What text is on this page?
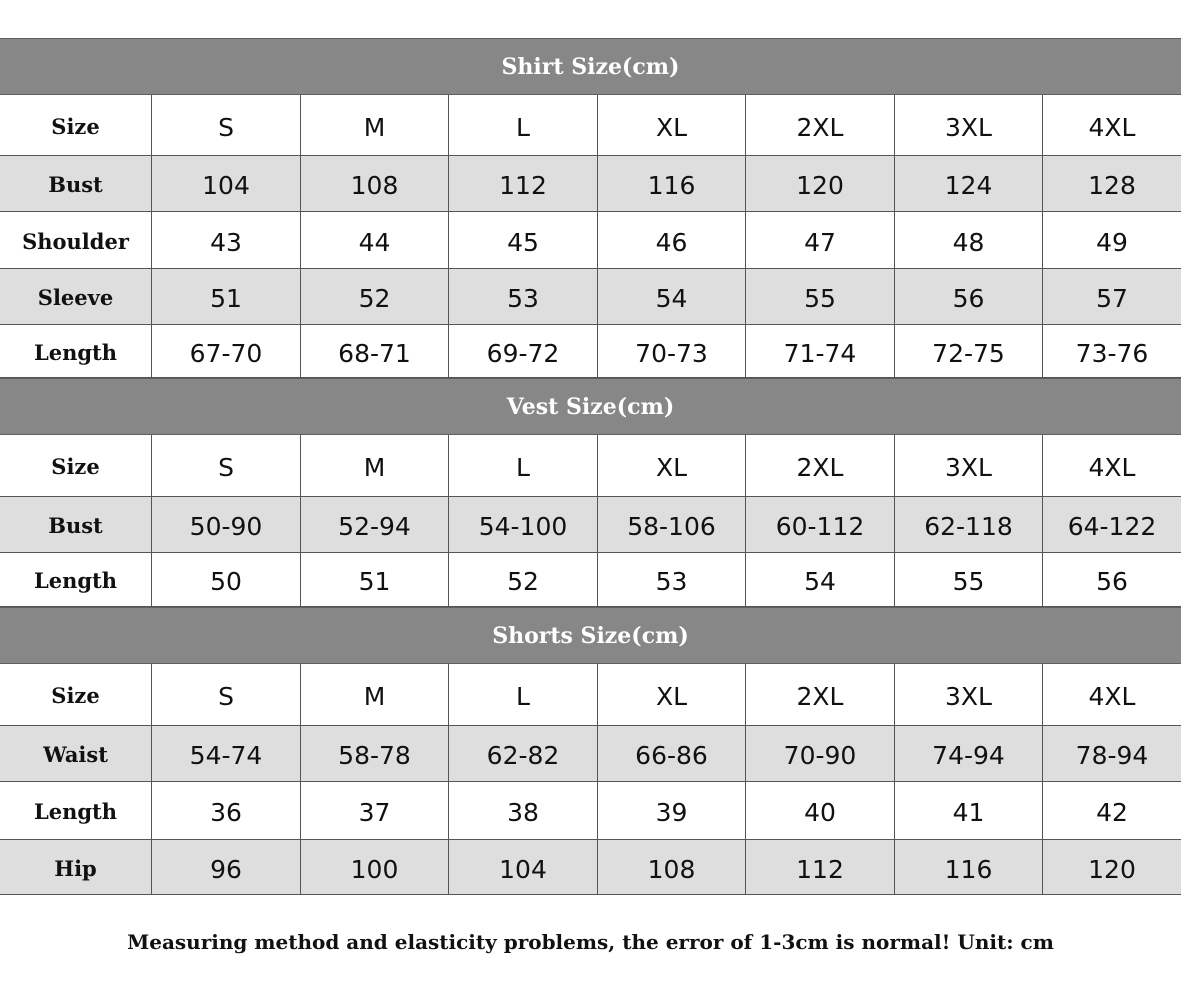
Shirt Size(cm)
Size	S	M	L	XL	2XL	3XL	4XL
Bust	104	108	112	116	120	124	128
Shoulder	43	44	45	46	47	48	49
Sleeve	51	52	53	54	55	56	57
Length	67-70	68-71	69-72	70-73	71-74	72-75	73-76
Vest Size(cm)
Size	S	M	L	XL	2XL	3XL	4XL
Bust	50-90	52-94	54-100	58-106	60-112	62-118	64-122
Length	50	51	52	53	54	55	56
Shorts Size(cm)
Size	S	M	L	XL	2XL	3XL	4XL
Waist	54-74	58-78	62-82	66-86	70-90	74-94	78-94
Length	36	37	38	39	40	41	42
Hip	96	100	104	108	112	116	120
Measuring method and elasticity problems, the error of 1-3cm is normal! Unit: cm
